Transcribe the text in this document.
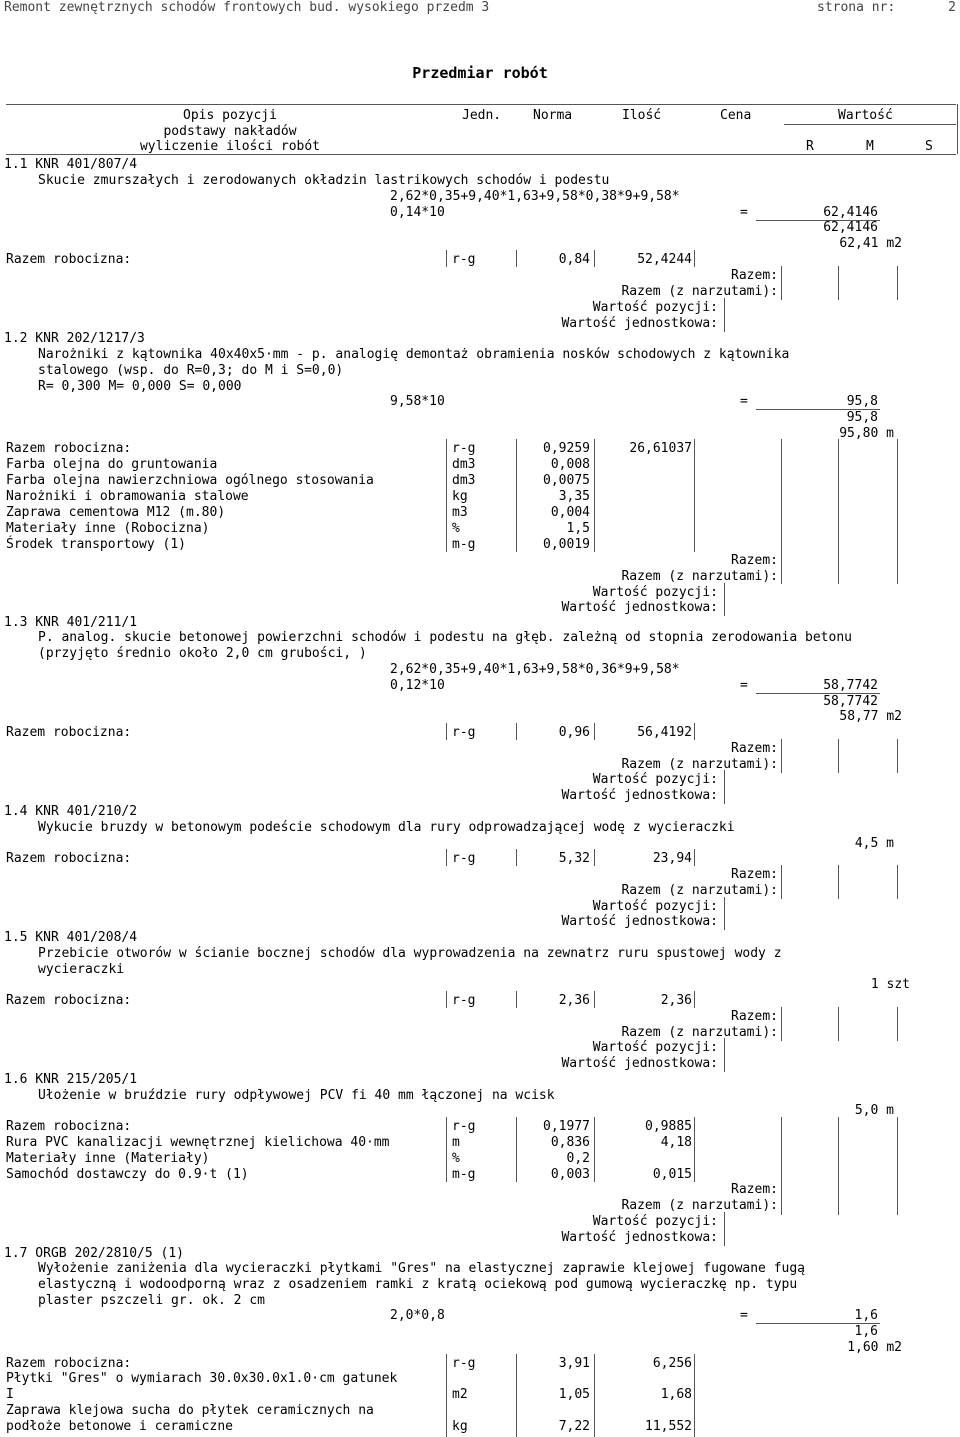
Remont zewnętrznych schodów frontowych bud. wysokiego przedm 3	strona nr:	2
Przedmiar robót
Opis pozycji
podstawy nakładów
wyliczenie ilości robót
Jedn. Norma	Ilość	Cena	Wartość
R	M	S
1.1 KNR 401/807/4
Skucie zmurszałych i zerodowanych okładzin lastrikowych schodów i podestu
2,62*0,35+9,40*1,63+9,58*0,38*9+9,58*
0,14*10	=	62,4146
62,4146
62,41 m2
Razem robocizna:	r-g	0,84	52,4244
Razem:
Razem (z narzutami):
Wartość pozycji:
Wartość jednostkowa:
1.2 KNR 202/1217/3
Narożniki z kątownika 40x40x5·mm - p. analogię demontaż obramienia nosków schodowych z kątownika
stalowego (wsp. do R=0,3; do M i S=0,0)
R= 0,300 M= 0,000 S= 0,000
9,58*10	=	95,8
95,8
95,80 m
Razem robocizna:	r-g	0,9259	26,61037
Farba olejna do gruntowania	dm3	0,008
Farba olejna nawierzchniowa ogólnego stosowania	dm3	0,0075
Narożniki i obramowania stalowe	kg	3,35
Zaprawa cementowa M12 (m.80)	m3	0,004
Materiały inne (Robocizna)	%	1,5
Środek transportowy (1)	m-g	0,0019
Razem:
Razem (z narzutami):
Wartość pozycji:
Wartość jednostkowa:
1.3 KNR 401/211/1
P. analog. skucie betonowej powierzchni schodów i podestu na głęb. zależną od stopnia zerodowania betonu
(przyjęto średnio około 2,0 cm grubości, )
2,62*0,35+9,40*1,63+9,58*0,36*9+9,58*
0,12*10	=	58,7742
58,7742
58,77 m2
Razem robocizna:	r-g	0,96	56,4192
Razem:
Razem (z narzutami):
Wartość pozycji:
Wartość jednostkowa:
1.4 KNR 401/210/2
Wykucie bruzdy w betonowym podeście schodowym dla rury odprowadzającej wodę z wycieraczki
4,5 m
Razem robocizna:	r-g	5,32	23,94
Razem:
Razem (z narzutami):
Wartość pozycji:
Wartość jednostkowa:
1.5 KNR 401/208/4
Przebicie otworów w ścianie bocznej schodów dla wyprowadzenia na zewnatrz ruru spustowej wody z
wycieraczki
1 szt
Razem robocizna:	r-g	2,36	2,36
Razem:
Razem (z narzutami):
Wartość pozycji:
Wartość jednostkowa:
1.6 KNR 215/205/1
Ułożenie w bruździe rury odpływowej PCV fi 40 mm łączonej na wcisk
5,0 m
Razem robocizna:	r-g	0,1977	0,9885
Rura PVC kanalizacji wewnętrznej kielichowa 40·mm	m	0,836	4,18
Materiały inne (Materiały)	%	0,2
Samochód dostawczy do 0.9·t (1)	m-g	0,003	0,015
Razem:
Razem (z narzutami):
Wartość pozycji:
Wartość jednostkowa:
1.7 ORGB 202/2810/5 (1)
Wyłożenie zaniżenia dla wycieraczki płytkami "Gres" na elastycznej zaprawie klejowej fugowane fugą
elastyczną i wodoodporną wraz z osadzeniem ramki z kratą ociekową pod gumową wycieraczkę np. typu
plaster pszczeli gr. ok. 2 cm
2,0*0,8	=	1,6
1,6
1,60 m2
Razem robocizna:	r-g	3,91	6,256
Płytki "Gres" o wymiarach 30.0x30.0x1.0·cm gatunek
I	m2	1,05	1,68
Zaprawa klejowa sucha do płytek ceramicznych na
podłoże betonowe i ceramiczne	kg	7,22	11,552
